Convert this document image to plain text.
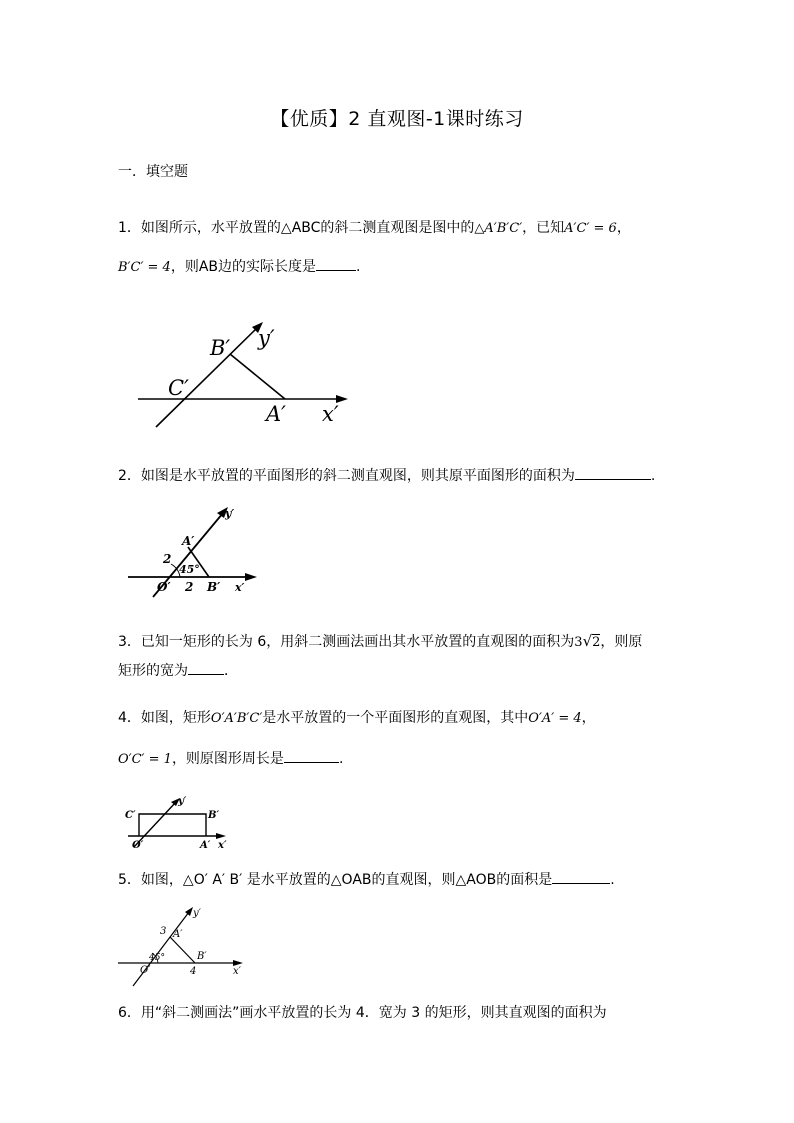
【优质】2 直观图-1课时练习
一．填空题
1．如图所示，水平放置的△ABC的斜二测直观图是图中的△A′B′C′，已知A′C′ = 6，
B′C′ = 4，则AB边的实际长度是	.
B′ y′
C′
A′ x′
2．如图是水平放置的平面图形的斜二测直观图，则其原平面图形的面积为	.
y′
A′
2
45°
O′ 2 B′ x′
3．已知一矩形的长为 6，用斜二测画法画出其水平放置的直观图的面积为3√2，则原
矩形的宽为	．
4．如图，矩形O′A′B′C′是水平放置的一个平面图形的直观图，其中O′A′ = 4，
O′C′ = 1，则原图形周长是	.
C′
y′
B′
O′	A′ x′
5．如图，△O′ A′ B′ 是水平放置的△OAB的直观图，则△AOB的面积是	.
y′
3 A′
B′
45°
O′	4	x′
6．用“斜二测画法”画水平放置的长为 4．宽为 3 的矩形，则其直观图的面积为
